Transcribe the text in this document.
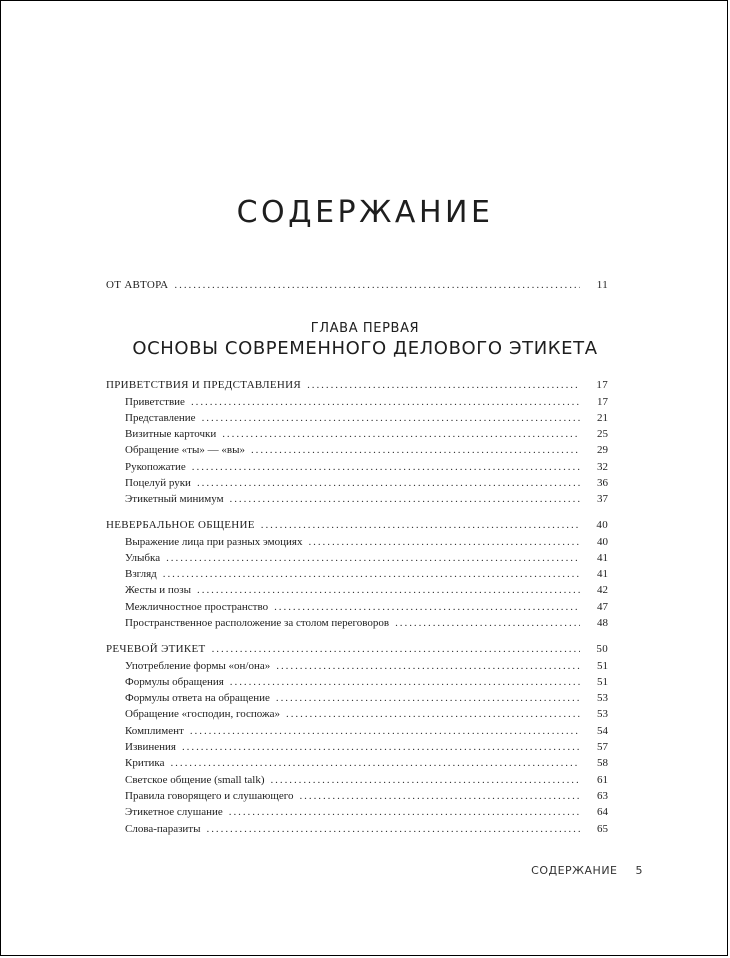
СОДЕРЖАНИЕ
ОТ АВТОРА . . .	11
ГЛАВА ПЕРВАЯ
ОСНОВЫ СОВРЕМЕННОГО ДЕЛОВОГО ЭТИКЕТА
ПРИВЕТСТВИЯ И ПРЕДСТАВЛЕНИЯ . . .	17
Приветствие . . .	17
Представление . . .	21
Визитные карточки . . .	25
Обращение «ты» — «вы» . . .	29
Рукопожатие . . .	32
Поцелуй руки . . .	36
Этикетный минимум . . .	37
НЕВЕРБАЛЬНОЕ ОБЩЕНИЕ . . .	40
Выражение лица при разных эмоциях . . .	40
Улыбка . . .	41
Взгляд . . .	41
Жесты и позы . . .	42
Межличностное пространство . . .	47
Пространственное расположение за столом переговоров . . .	48
РЕЧЕВОЙ ЭТИКЕТ . . .	50
Употребление формы «он/она» . . .	51
Формулы обращения . . .	51
Формулы ответа на обращение . . .	53
Обращение «господин, госпожа» . . .	53
Комплимент . . .	54
Извинения . . .	57
Критика . . .	58
Светское общение (small talk) . . .	61
Правила говорящего и слушающего . . .	63
Этикетное слушание . . .	64
Слова-паразиты . . .	65
СОДЕРЖАНИЕ 5
